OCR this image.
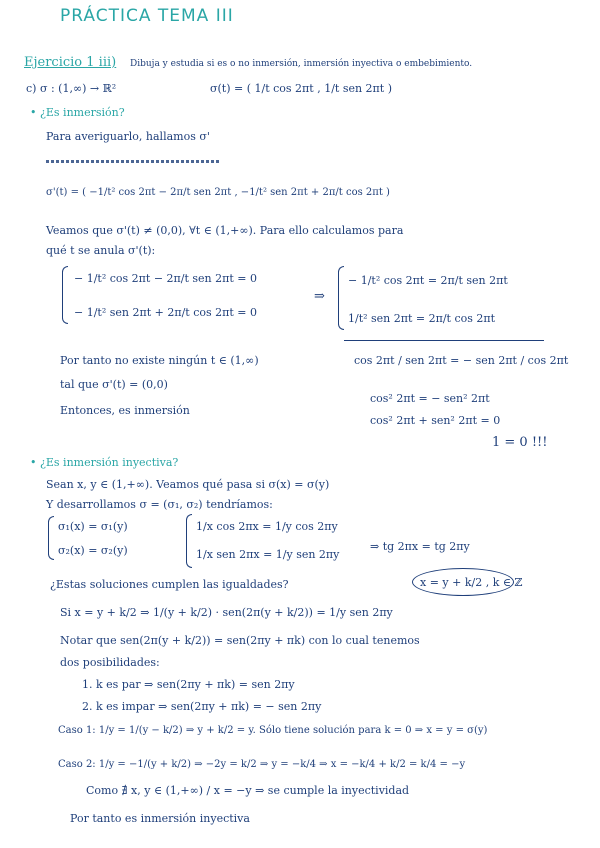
PRÁCTICA TEMA III
Ejercicio 1 iii) Dibuja y estudia si es o no inmersión, inmersión inyectiva o embebimiento.
c) σ : (1,∞) → ℝ²	σ(t) = ( 1/t cos 2πt , 1/t sen 2πt )
• ¿Es inmersión?
Para averiguarlo, hallamos σ'
σ'(t) = ( −1/t² cos 2πt − 2π/t sen 2πt , −1/t² sen 2πt + 2π/t cos 2πt )
Veamos que σ'(t) ≠ (0,0), ∀t ∈ (1,+∞). Para ello calculamos para
qué t se anula σ'(t):
− 1/t² cos 2πt − 2π/t sen 2πt = 0
− 1/t² sen 2πt + 2π/t cos 2πt = 0
⇒
− 1/t² cos 2πt = 2π/t sen 2πt
1/t² sen 2πt = 2π/t cos 2πt
cos 2πt / sen 2πt = − sen 2πt / cos 2πt
cos² 2πt = − sen² 2πt
cos² 2πt + sen² 2πt = 0
1 = 0 !!!
Por tanto no existe ningún t ∈ (1,∞)
tal que σ'(t) = (0,0)
Entonces, es inmersión
• ¿Es inmersión inyectiva?
Sean x, y ∈ (1,+∞). Veamos qué pasa si σ(x) = σ(y)
Y desarrollamos σ = (σ₁, σ₂) tendríamos:
σ₁(x) = σ₁(y)
σ₂(x) = σ₂(y)
1/x cos 2πx = 1/y cos 2πy
1/x sen 2πx = 1/y sen 2πy
⇒ tg 2πx = tg 2πy
x = y + k/2 , k ∈ ℤ
¿Estas soluciones cumplen las igualdades?
Si x = y + k/2 ⇒ 1/(y + k/2) · sen(2π(y + k/2)) = 1/y sen 2πy
Notar que sen(2π(y + k/2)) = sen(2πy + πk) con lo cual tenemos
dos posibilidades:
1. k es par ⇒ sen(2πy + πk) = sen 2πy
2. k es impar ⇒ sen(2πy + πk) = − sen 2πy
Caso 1: 1/y = 1/(y − k/2) ⇒ y + k/2 = y. Sólo tiene solución para k = 0 ⇒ x = y = σ(y)
Caso 2: 1/y = −1/(y + k/2) ⇒ −2y = k/2 ⇒ y = −k/4 ⇒ x = −k/4 + k/2 = k/4 = −y
Como ∄ x, y ∈ (1,+∞) / x = −y ⇒ se cumple la inyectividad
Por tanto es inmersión inyectiva
